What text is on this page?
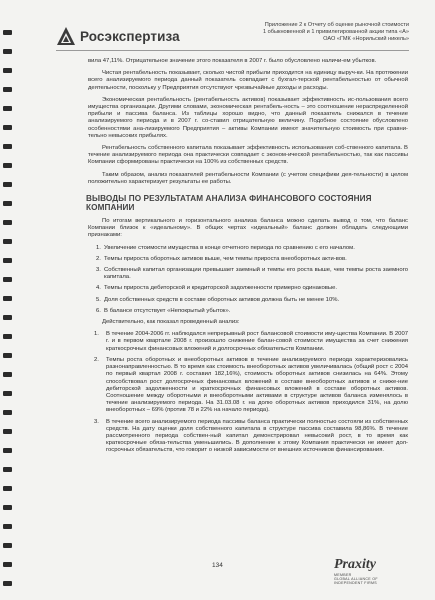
Росэкспертиза
Приложение 2 к Отчету об оценке рыночной стоимости
1 обыкновенной и 1 привилегированной акции типа «А»
ОАО «ГМК «Норильский никель»

вила 47,11%. Отрицательное значение этого показателя в 2007 г. было обусловлено наличи-ем убытков.

Чистая рентабельность показывает, сколько чистой прибыли приходится на единицу выруч-ки. На протяжении всего анализируемого периода данный показатель совпадает с бухгал-терской рентабельностью от обычной деятельности, поскольку у Предприятия отсутствуют чрезвычайные доходы и расходы.

Экономическая рентабельность (рентабельность активов) показывает эффективность ис-пользования всего имущества организации. Другими словами, экономическая рентабель-ность – это соотношение нераспределенной прибыли и пассива баланса. Из таблицы хорошо видно, что данный показатель снижался в течение анализируемого периода и в 2007 г. со-ставил отрицательную величину. Подобное состояние обусловлено особенностями ана-лизируемого Предприятия – активы Компании имеют значительную стоимость при сравни-тельно невысоких прибылях.

Рентабельность собственного капитала показывает эффективность использования соб-ственного капитала. В течение анализируемого периода она практически совпадает с эконом-ической рентабельностью, так как пассивы Компании сформированы практически на 100% из собственных средств.

Таким образом, анализ показателей рентабельности Компании (с учетом специфики дея-тельности) в целом положительно характеризует результаты ее работы.

ВЫВОДЫ ПО РЕЗУЛЬТАТАМ АНАЛИЗА ФИНАНСОВОГО СОСТОЯНИЯ КОМПАНИИ

По итогам вертикального и горизонтального анализа баланса можно сделать вывод о том, что баланс Компании близок к «идеальному». В общих чертах «идеальный» баланс должен обладать следующими признаками:

1. Увеличение стоимости имущества в конце отчетного периода по сравнению с его началом.
2. Темпы прироста оборотных активов выше, чем темпы прироста внеоборотных акти-вов.
3. Собственный капитал организации превышает заемный и темпы его роста выше, чем темпы роста заемного капитала.
4. Темпы прироста дебиторской и кредиторской задолженности примерно одинаковые.
5. Доля собственных средств в составе оборотных активов должна быть не менее 10%.
6. В балансе отсутствует «Непокрытый убыток».

Действительно, как показал проведенный анализ:

1.	В течение 2004-2006 гг. наблюдался непрерывный рост балансовой стоимости иму-щества Компании. В 2007 г. и в первом квартале 2008 г. произошло снижение балан-совой стоимости имущества за счет снижения краткосрочных финансовых вложений и долгосрочных обязательств Компании.
2.	Темпы роста оборотных и внеоборотных активов в течение анализируемого периода характеризовались разнонаправленностью. В то время как стоимость внеоборотных активов увеличивалась (общий рост с 2004 по первый квартал 2008 г. составил 182,16%), стоимость оборотных активов снизилась на 64%. Этому способствовал рост долгосрочных финансовых вложений в составе внеоборотных активов и сниже-ние дебиторской задолженности и краткосрочных финансовых вложений в составе оборотных активов. Соотношение между оборотными и внеоборотными активами в структуре активов баланса изменялось в течение анализируемого периода. На 31.03.08 г. на долю оборотных активов приходился 31%, на долю внеоборотных – 69% (против 78 и 22% на начало периода).
3.	В течение всего анализируемого периода пассивы баланса практически полностью состояли из собственных средств. На дату оценки доля собственного капитала в структуре пассива составила 98,86%. В течение рассмотренного периода собствен-ный капитал демонстрировал невысокий рост, в то время как краткосрочные обяза-тельства уменьшились. В дополнение к этому Компания практически не имеет дол-госрочных обязательств, что говорит о низкой зависимости от внешних источников финансирования.
134	Praxity
MEMBER
GLOBAL ALLIANCE OF
INDEPENDENT FIRMS
